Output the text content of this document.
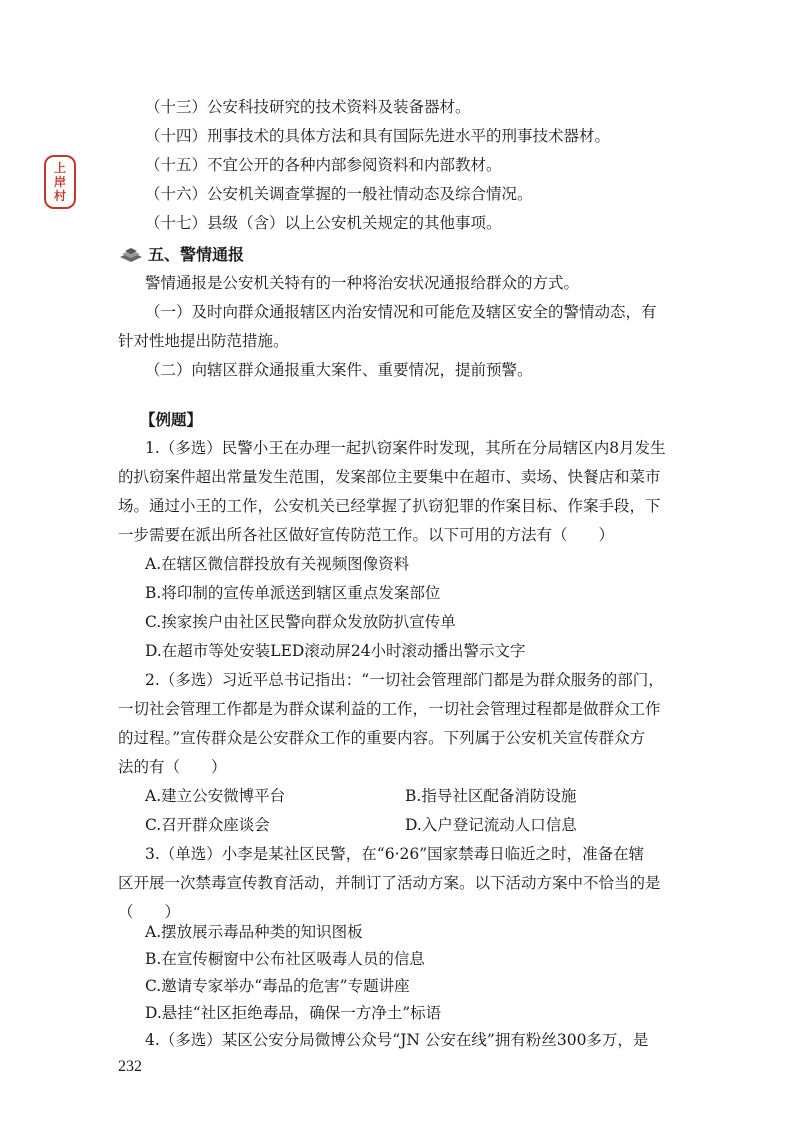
上
岸
村
（十三）公安科技研究的技术资料及装备器材。
（十四）刑事技术的具体方法和具有国际先进水平的刑事技术器材。
（十五）不宜公开的各种内部参阅资料和内部教材。
（十六）公安机关调查掌握的一般社情动态及综合情况。
（十七）县级（含）以上公安机关规定的其他事项。
五、警情通报
警情通报是公安机关特有的一种将治安状况通报给群众的方式。
（一）及时向群众通报辖区内治安情况和可能危及辖区安全的警情动态，有
针对性地提出防范措施。
（二）向辖区群众通报重大案件、重要情况，提前预警。
【例题】
1.（多选）民警小王在办理一起扒窃案件时发现，其所在分局辖区内8月发生
的扒窃案件超出常量发生范围，发案部位主要集中在超市、卖场、快餐店和菜市
场。通过小王的工作，公安机关已经掌握了扒窃犯罪的作案目标、作案手段，下
一步需要在派出所各社区做好宣传防范工作。以下可用的方法有（　　）
A.在辖区微信群投放有关视频图像资料
B.将印制的宣传单派送到辖区重点发案部位
C.挨家挨户由社区民警向群众发放防扒宣传单
D.在超市等处安装LED滚动屏24小时滚动播出警示文字
2.（多选）习近平总书记指出：“一切社会管理部门都是为群众服务的部门，
一切社会管理工作都是为群众谋利益的工作，一切社会管理过程都是做群众工作
的过程。”宣传群众是公安群众工作的重要内容。下列属于公安机关宣传群众方
法的有（　　）
A.建立公安微博平台	B.指导社区配备消防设施
C.召开群众座谈会	D.入户登记流动人口信息
3.（单选）小李是某社区民警，在“6·26”国家禁毒日临近之时，准备在辖
区开展一次禁毒宣传教育活动，并制订了活动方案。以下活动方案中不恰当的是
（　　）
A.摆放展示毒品种类的知识图板
B.在宣传橱窗中公布社区吸毒人员的信息
C.邀请专家举办“毒品的危害”专题讲座
D.悬挂“社区拒绝毒品，确保一方净土”标语
232
4.（多选）某区公安分局微博公众号“JN 公安在线”拥有粉丝300多万，是
